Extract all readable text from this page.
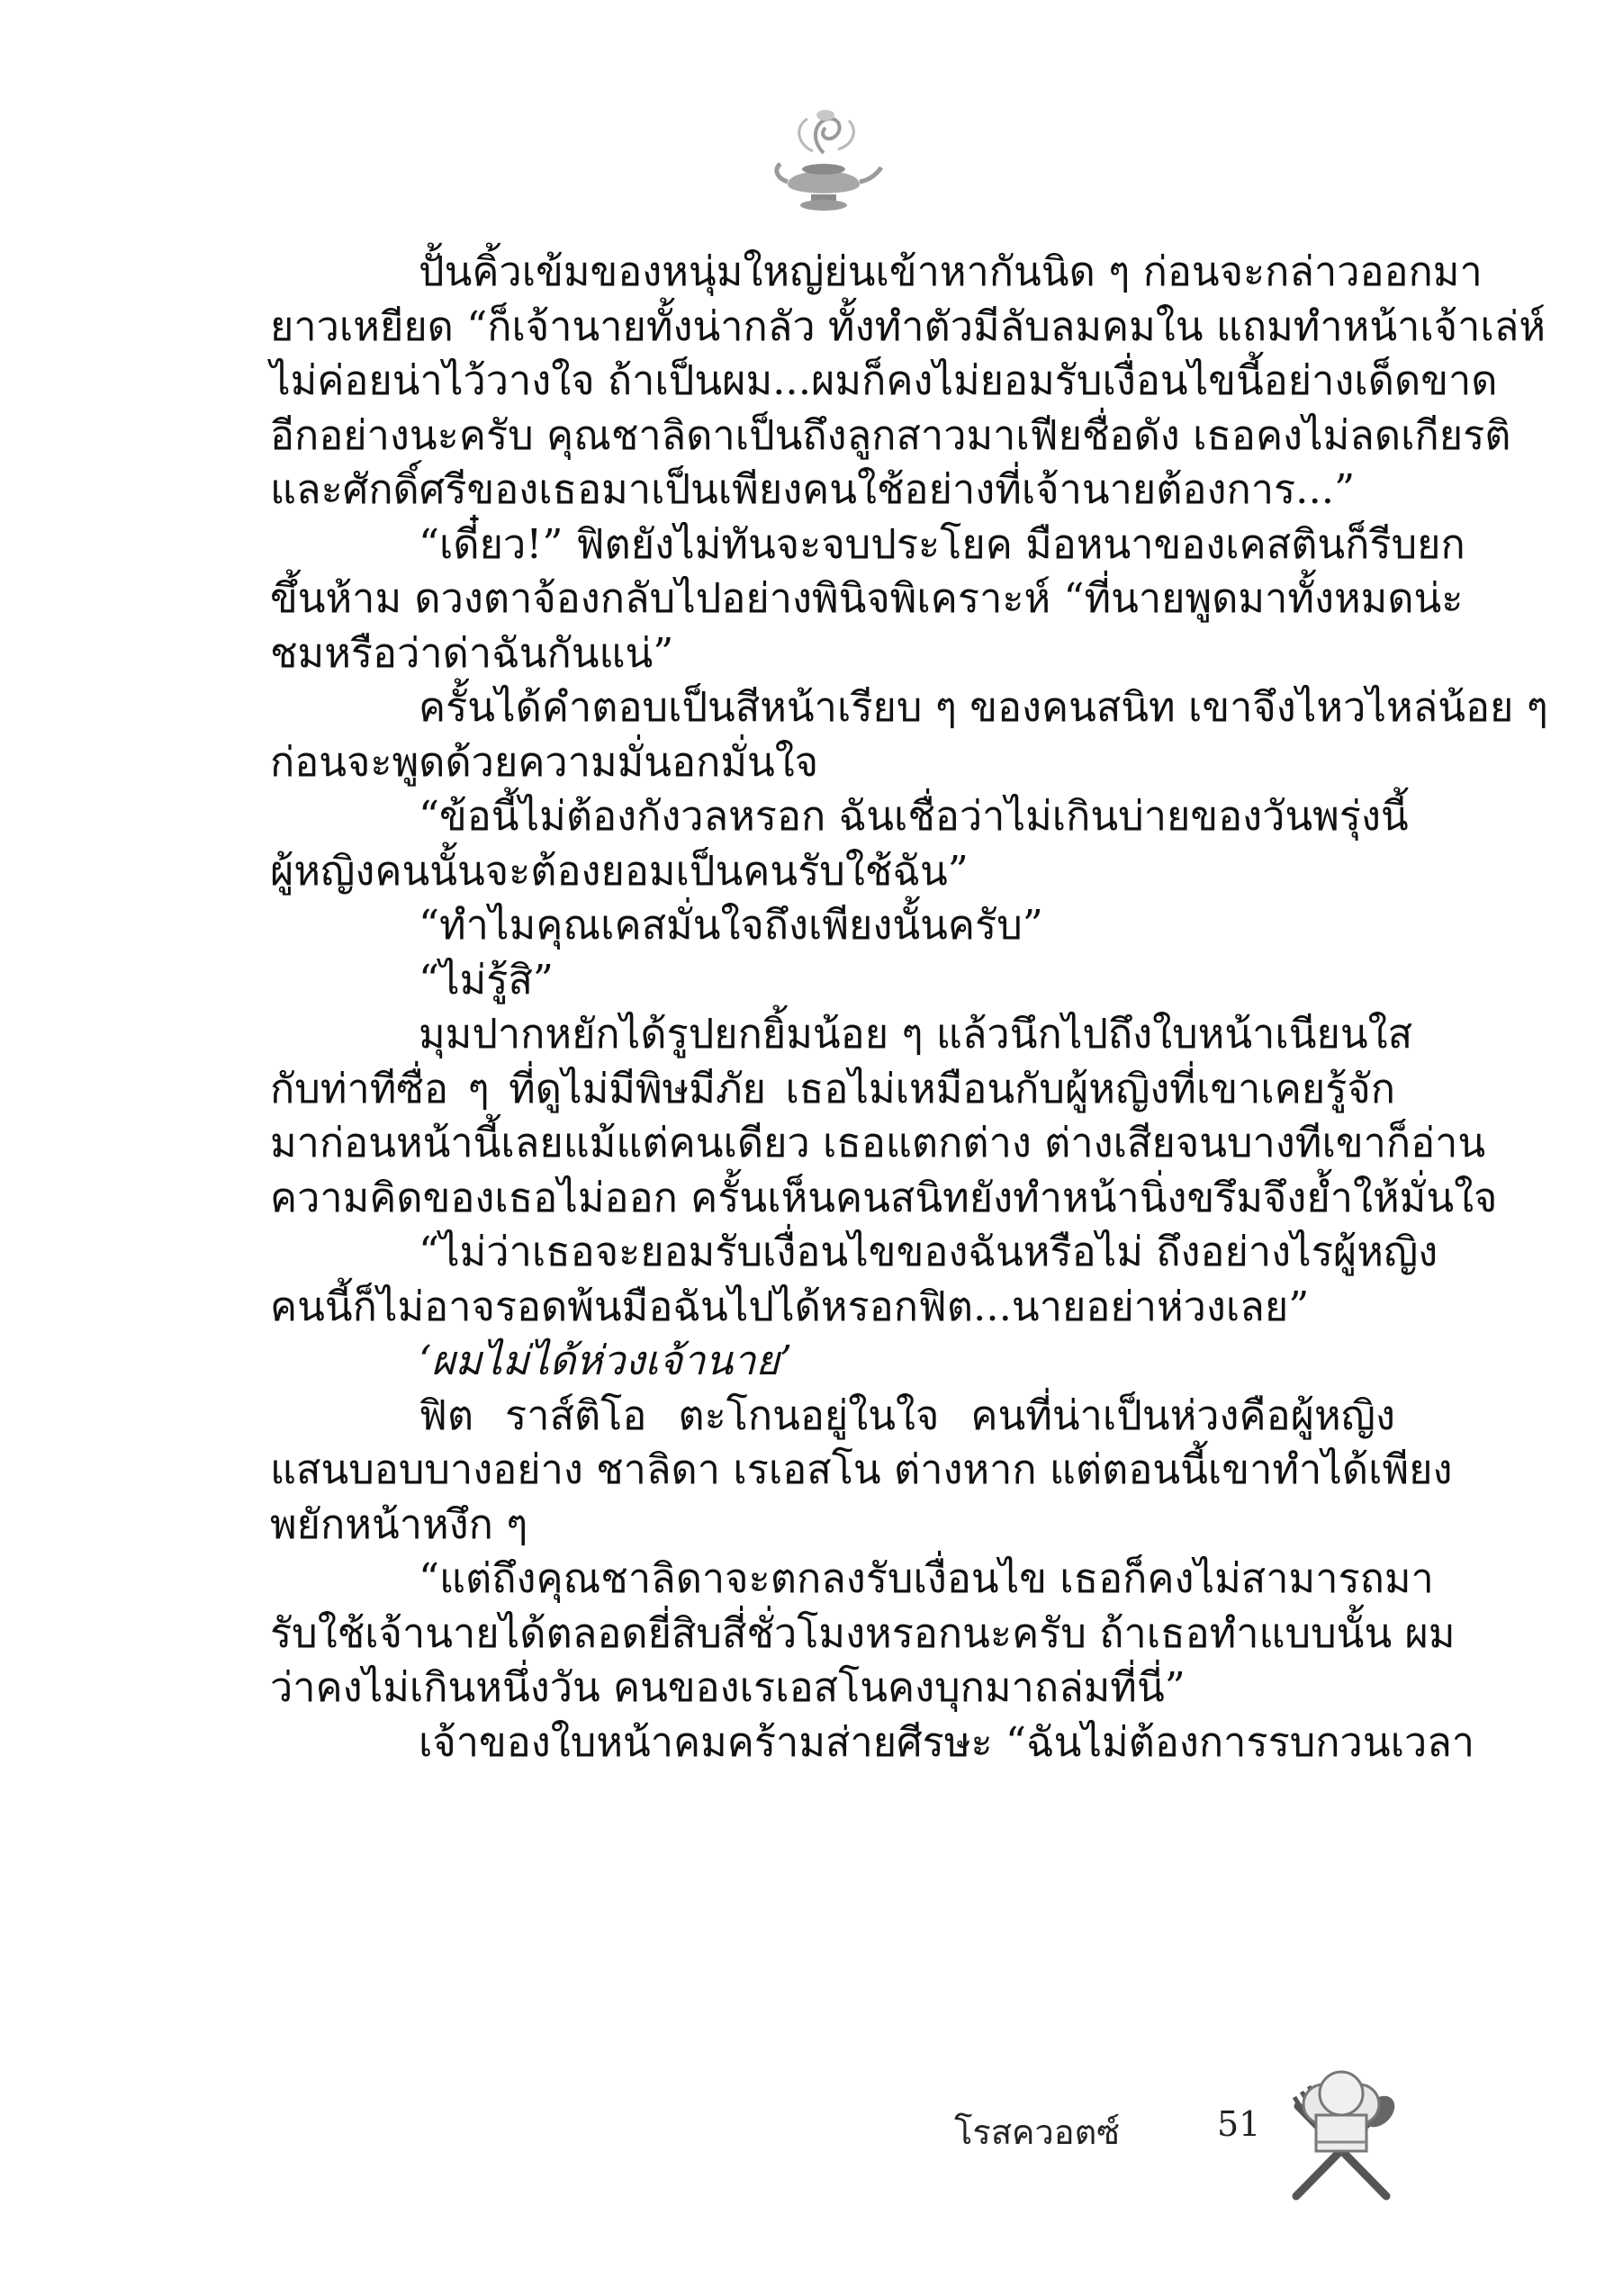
ปั้นคิ้วเข้มของหนุ่มใหญ่ย่นเข้าหากันนิด ๆ ก่อนจะกล่าวออกมา
ยาวเหยียด “ก็เจ้านายทั้งน่ากลัว ทั้งทำตัวมีลับลมคมใน แถมทำหน้าเจ้าเล่ห์
ไม่ค่อยน่าไว้วางใจ ถ้าเป็นผม...ผมก็คงไม่ยอมรับเงื่อนไขนี้อย่างเด็ดขาด
อีกอย่างนะครับ คุณชาลิดาเป็นถึงลูกสาวมาเฟียชื่อดัง เธอคงไม่ลดเกียรติ
และศักดิ์ศรีของเธอมาเป็นเพียงคนใช้อย่างที่เจ้านายต้องการ...”
“เดี๋ยว!” ฟิตยังไม่ทันจะจบประโยค มือหนาของเคสตินก็รีบยก
ขึ้นห้าม ดวงตาจ้องกลับไปอย่างพินิจพิเคราะห์ “ที่นายพูดมาทั้งหมดน่ะ
ชมหรือว่าด่าฉันกันแน่”
ครั้นได้คำตอบเป็นสีหน้าเรียบ ๆ ของคนสนิท เขาจึงไหวไหล่น้อย ๆ
ก่อนจะพูดด้วยความมั่นอกมั่นใจ
“ข้อนี้ไม่ต้องกังวลหรอก ฉันเชื่อว่าไม่เกินบ่ายของวันพรุ่งนี้
ผู้หญิงคนนั้นจะต้องยอมเป็นคนรับใช้ฉัน”
“ทำไมคุณเคสมั่นใจถึงเพียงนั้นครับ”
“ไม่รู้สิ”
มุมปากหยักได้รูปยกยิ้มน้อย ๆ แล้วนึกไปถึงใบหน้าเนียนใส
กับท่าทีซื่อ ๆ ที่ดูไม่มีพิษมีภัย เธอไม่เหมือนกับผู้หญิงที่เขาเคยรู้จัก
มาก่อนหน้านี้เลยแม้แต่คนเดียว เธอแตกต่าง ต่างเสียจนบางทีเขาก็อ่าน
ความคิดของเธอไม่ออก ครั้นเห็นคนสนิทยังทำหน้านิ่งขรึมจึงย้ำให้มั่นใจ
“ไม่ว่าเธอจะยอมรับเงื่อนไขของฉันหรือไม่ ถึงอย่างไรผู้หญิง
คนนี้ก็ไม่อาจรอดพ้นมือฉันไปได้หรอกฟิต...นายอย่าห่วงเลย”
‘ผมไม่ได้ห่วงเจ้านาย’
ฟิต ราส์ติโอ ตะโกนอยู่ในใจ คนที่น่าเป็นห่วงคือผู้หญิง
แสนบอบบางอย่าง ชาลิดา เรเอสโน ต่างหาก แต่ตอนนี้เขาทำได้เพียง
พยักหน้าหงึก ๆ
“แต่ถึงคุณชาลิดาจะตกลงรับเงื่อนไข เธอก็คงไม่สามารถมา
รับใช้เจ้านายได้ตลอดยี่สิบสี่ชั่วโมงหรอกนะครับ ถ้าเธอทำแบบนั้น ผม
ว่าคงไม่เกินหนึ่งวัน คนของเรเอสโนคงบุกมาถล่มที่นี่”
เจ้าของใบหน้าคมคร้ามส่ายศีรษะ “ฉันไม่ต้องการรบกวนเวลา
โรสควอตซ์	51
